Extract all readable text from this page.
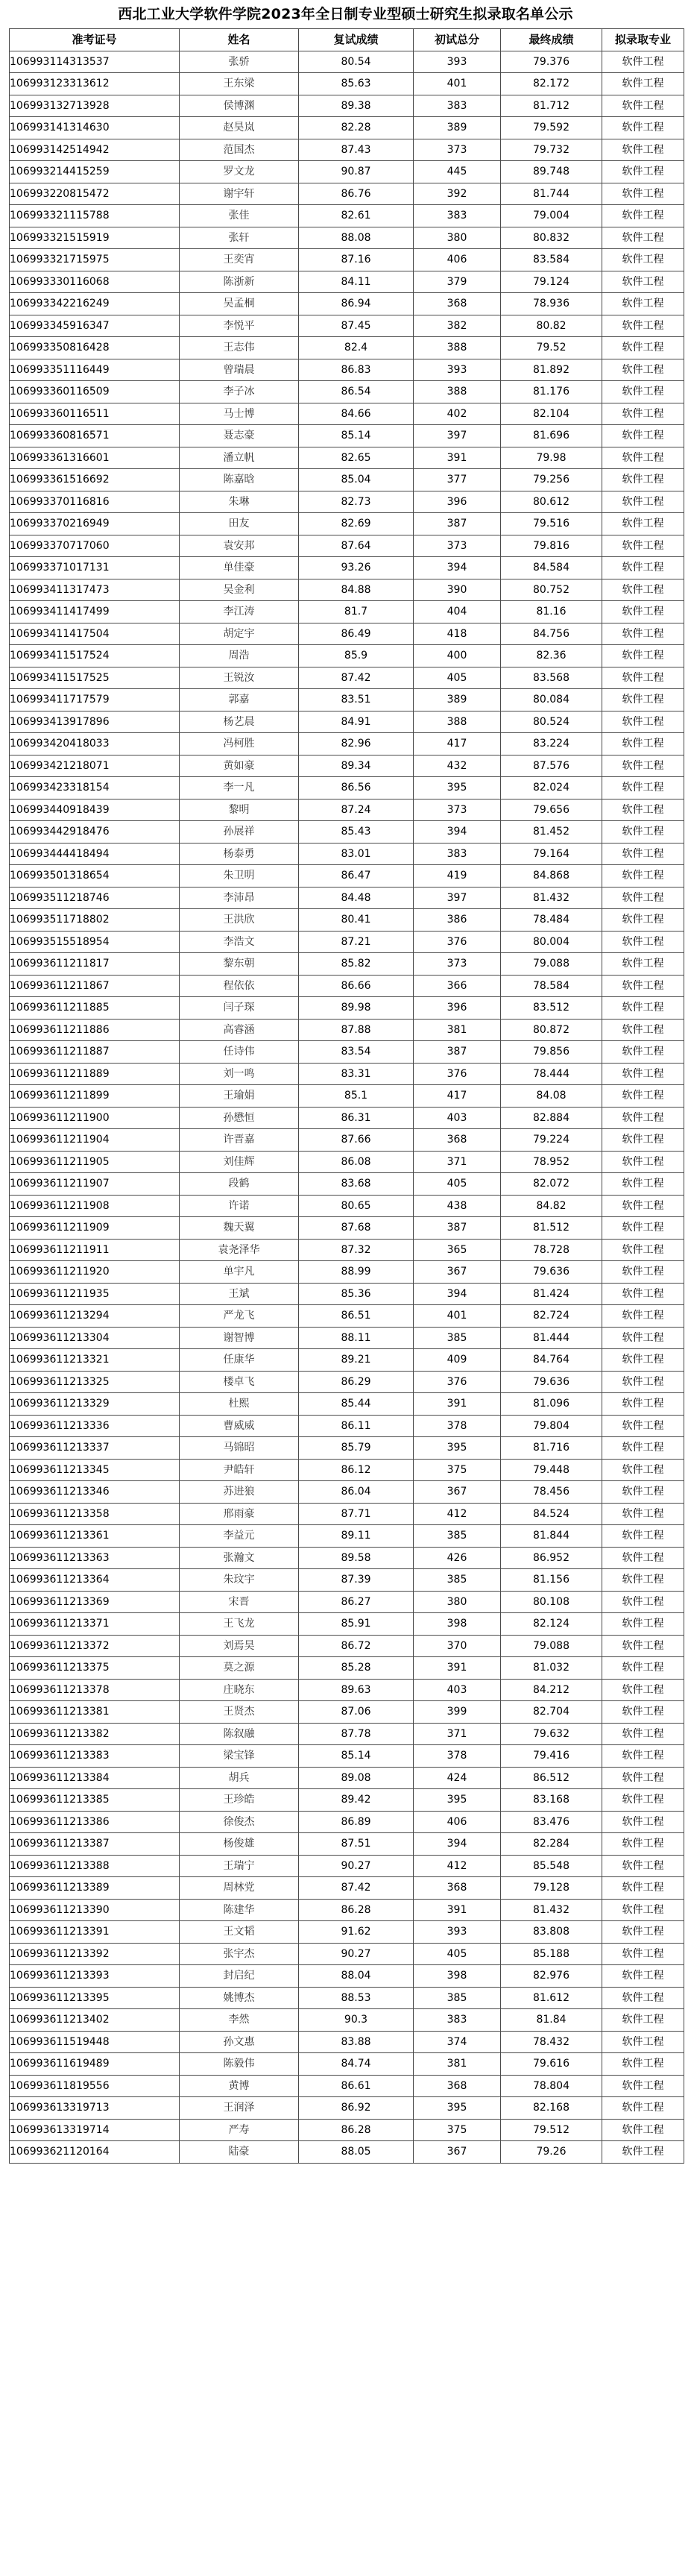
西北工业大学软件学院2023年全日制专业型硕士研究生拟录取名单公示
准考证号	姓名	复试成绩	初试总分	最终成绩	拟录取专业
106993114313537	张骄	80.54	393	79.376	软件工程
106993123313612	王东梁	85.63	401	82.172	软件工程
106993132713928	侯博渊	89.38	383	81.712	软件工程
106993141314630	赵昊岚	82.28	389	79.592	软件工程
106993142514942	范国杰	87.43	373	79.732	软件工程
106993214415259	罗文龙	90.87	445	89.748	软件工程
106993220815472	谢宇轩	86.76	392	81.744	软件工程
106993321115788	张佳	82.61	383	79.004	软件工程
106993321515919	张轩	88.08	380	80.832	软件工程
106993321715975	王奕宵	87.16	406	83.584	软件工程
106993330116068	陈浙新	84.11	379	79.124	软件工程
106993342216249	吴孟桐	86.94	368	78.936	软件工程
106993345916347	李悦平	87.45	382	80.82	软件工程
106993350816428	王志伟	82.4	388	79.52	软件工程
106993351116449	曾瑞晨	86.83	393	81.892	软件工程
106993360116509	李子冰	86.54	388	81.176	软件工程
106993360116511	马士博	84.66	402	82.104	软件工程
106993360816571	聂志豪	85.14	397	81.696	软件工程
106993361316601	潘立帆	82.65	391	79.98	软件工程
106993361516692	陈嘉晗	85.04	377	79.256	软件工程
106993370116816	朱琳	82.73	396	80.612	软件工程
106993370216949	田友	82.69	387	79.516	软件工程
106993370717060	袁安邦	87.64	373	79.816	软件工程
106993371017131	单佳豪	93.26	394	84.584	软件工程
106993411317473	吴金利	84.88	390	80.752	软件工程
106993411417499	李江涛	81.7	404	81.16	软件工程
106993411417504	胡定宇	86.49	418	84.756	软件工程
106993411517524	周浩	85.9	400	82.36	软件工程
106993411517525	王锐汝	87.42	405	83.568	软件工程
106993411717579	郭嘉	83.51	389	80.084	软件工程
106993413917896	杨艺晨	84.91	388	80.524	软件工程
106993420418033	冯柯胜	82.96	417	83.224	软件工程
106993421218071	黄如豪	89.34	432	87.576	软件工程
106993423318154	李一凡	86.56	395	82.024	软件工程
106993440918439	黎明	87.24	373	79.656	软件工程
106993442918476	孙展祥	85.43	394	81.452	软件工程
106993444418494	杨泰勇	83.01	383	79.164	软件工程
106993501318654	朱卫明	86.47	419	84.868	软件工程
106993511218746	李沛昂	84.48	397	81.432	软件工程
106993511718802	王洪欣	80.41	386	78.484	软件工程
106993515518954	李浩文	87.21	376	80.004	软件工程
106993611211817	黎东朝	85.82	373	79.088	软件工程
106993611211867	程依依	86.66	366	78.584	软件工程
106993611211885	闫子琛	89.98	396	83.512	软件工程
106993611211886	高睿涵	87.88	381	80.872	软件工程
106993611211887	任诗伟	83.54	387	79.856	软件工程
106993611211889	刘一鸣	83.31	376	78.444	软件工程
106993611211899	王瑜娟	85.1	417	84.08	软件工程
106993611211900	孙懋恒	86.31	403	82.884	软件工程
106993611211904	许晋嘉	87.66	368	79.224	软件工程
106993611211905	刘佳辉	86.08	371	78.952	软件工程
106993611211907	段鹤	83.68	405	82.072	软件工程
106993611211908	许诺	80.65	438	84.82	软件工程
106993611211909	魏天翼	87.68	387	81.512	软件工程
106993611211911	袁尧泽华	87.32	365	78.728	软件工程
106993611211920	单宇凡	88.99	367	79.636	软件工程
106993611211935	王斌	85.36	394	81.424	软件工程
106993611213294	严龙飞	86.51	401	82.724	软件工程
106993611213304	谢智博	88.11	385	81.444	软件工程
106993611213321	任康华	89.21	409	84.764	软件工程
106993611213325	楼卓飞	86.29	376	79.636	软件工程
106993611213329	杜熙	85.44	391	81.096	软件工程
106993611213336	曹威威	86.11	378	79.804	软件工程
106993611213337	马锦昭	85.79	395	81.716	软件工程
106993611213345	尹皓轩	86.12	375	79.448	软件工程
106993611213346	苏进狼	86.04	367	78.456	软件工程
106993611213358	邢雨豪	87.71	412	84.524	软件工程
106993611213361	李益元	89.11	385	81.844	软件工程
106993611213363	张瀚文	89.58	426	86.952	软件工程
106993611213364	朱玟宇	87.39	385	81.156	软件工程
106993611213369	宋晋	86.27	380	80.108	软件工程
106993611213371	王飞龙	85.91	398	82.124	软件工程
106993611213372	刘焉昊	86.72	370	79.088	软件工程
106993611213375	莫之源	85.28	391	81.032	软件工程
106993611213378	庄晓东	89.63	403	84.212	软件工程
106993611213381	王贤杰	87.06	399	82.704	软件工程
106993611213382	陈叙融	87.78	371	79.632	软件工程
106993611213383	梁宝锋	85.14	378	79.416	软件工程
106993611213384	胡兵	89.08	424	86.512	软件工程
106993611213385	王珍皓	89.42	395	83.168	软件工程
106993611213386	徐俊杰	86.89	406	83.476	软件工程
106993611213387	杨俊雄	87.51	394	82.284	软件工程
106993611213388	王瑞宁	90.27	412	85.548	软件工程
106993611213389	周林党	87.42	368	79.128	软件工程
106993611213390	陈建华	86.28	391	81.432	软件工程
106993611213391	王文韬	91.62	393	83.808	软件工程
106993611213392	张宇杰	90.27	405	85.188	软件工程
106993611213393	封启纪	88.04	398	82.976	软件工程
106993611213395	姚博杰	88.53	385	81.612	软件工程
106993611213402	李然	90.3	383	81.84	软件工程
106993611519448	孙文惠	83.88	374	78.432	软件工程
106993611619489	陈毅伟	84.74	381	79.616	软件工程
106993611819556	黄博	86.61	368	78.804	软件工程
106993613319713	王润泽	86.92	395	82.168	软件工程
106993613319714	严寿	86.28	375	79.512	软件工程
106993621120164	陆豪	88.05	367	79.26	软件工程
